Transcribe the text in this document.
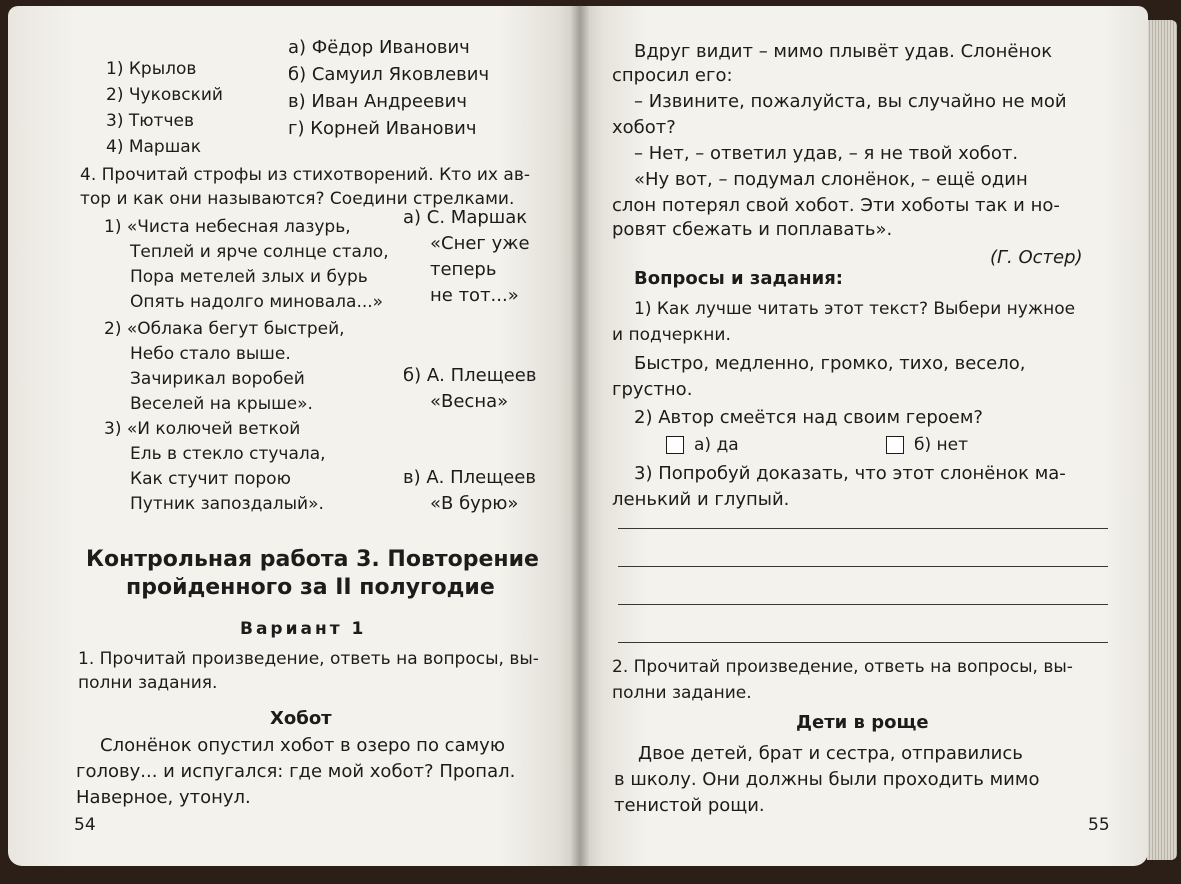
1) Крылов
2) Чуковский
3) Тютчев
4) Маршак
а) Фёдор Иванович
б) Самуил Яковлевич
в) Иван Андреевич
г) Корней Иванович
4. Прочитай строфы из стихотворений. Кто их ав-
тор и как они называются? Соедини стрелками.
1) «Чиста небесная лазурь,
Теплей и ярче солнце стало,
Пора метелей злых и бурь
Опять надолго миновала...»
2) «Облака бегут быстрей,
Небо стало выше.
Зачирикал воробей
Веселей на крыше».
3) «И колючей веткой
Ель в стекло стучала,
Как стучит порою
Путник запоздалый».
а) С. Маршак
«Снег уже
теперь
не тот...»
б) А. Плещеев
«Весна»
в) А. Плещеев
«В бурю»
Контрольная работа 3. Повторение
пройденного за II полугодие
Вариант 1
1. Прочитай произведение, ответь на вопросы, вы-
полни задания.
Хобот
Слонёнок опустил хобот в озеро по самую
голову... и испугался: где мой хобот? Пропал.
Наверное, утонул.
54
Вдруг видит – мимо плывёт удав. Слонёнок
спросил его:
– Извините, пожалуйста, вы случайно не мой
хобот?
– Нет, – ответил удав, – я не твой хобот.
«Ну вот, – подумал слонёнок, – ещё один
слон потерял свой хобот. Эти хоботы так и но-
ровят сбежать и поплавать».
(Г. Остер)
Вопросы и задания:
1) Как лучше читать этот текст? Выбери нужное
и подчеркни.
Быстро, медленно, громко, тихо, весело,
грустно.
2) Автор смеётся над своим героем?
а) да	б) нет
3) Попробуй доказать, что этот слонёнок ма-
ленький и глупый.
2. Прочитай произведение, ответь на вопросы, вы-
полни задание.
Дети в роще
Двое детей, брат и сестра, отправились
в школу. Они должны были проходить мимо
тенистой рощи.
55
